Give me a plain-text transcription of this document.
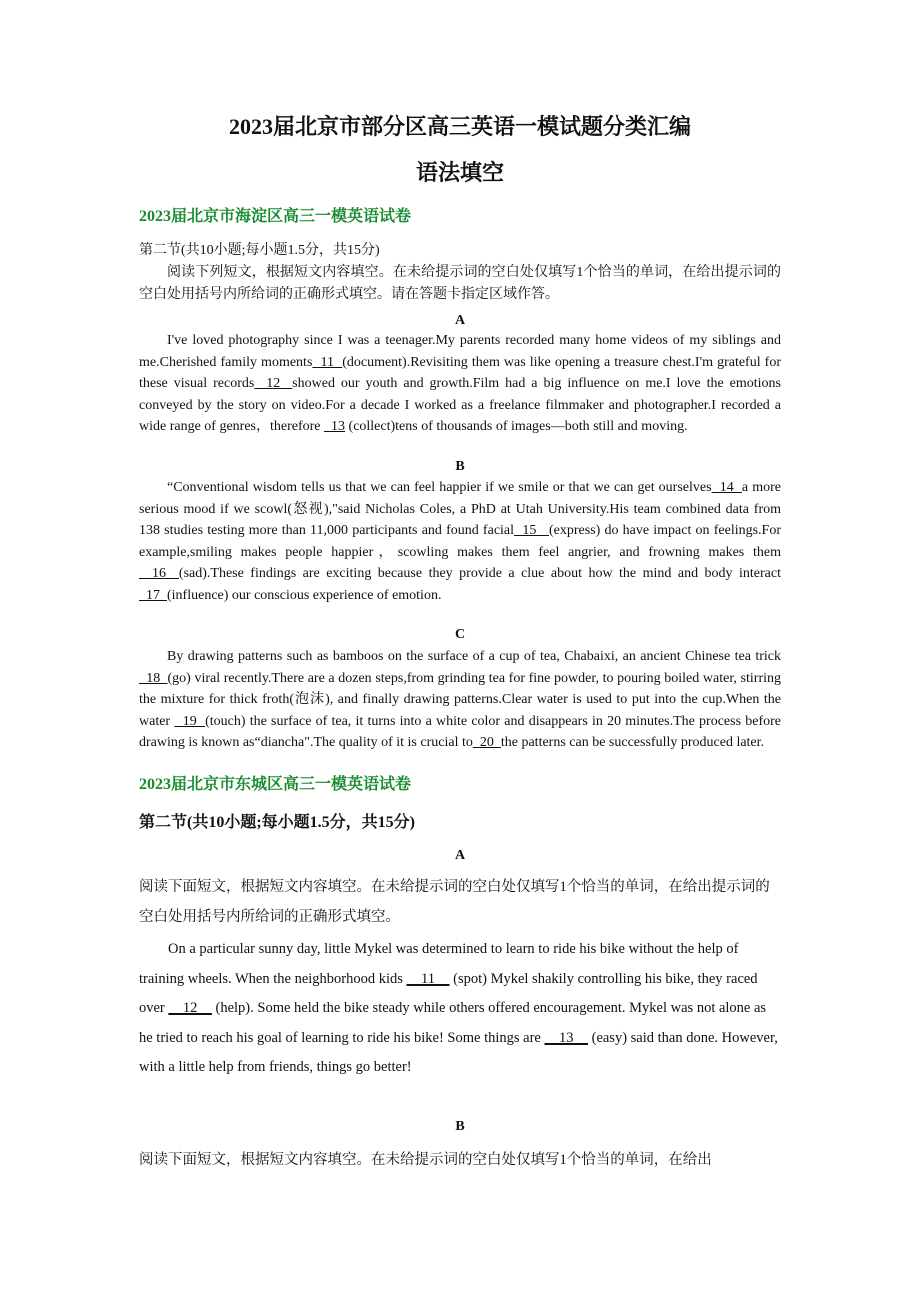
2023届北京市部分区高三英语一模试题分类汇编
语法填空
2023届北京市海淀区高三一模英语试卷
第二节(共10小题;每小题1.5分，共15分)
阅读下列短文，根据短文内容填空。在未给提示词的空白处仅填写1个恰当的单词，在给出提示词的空白处用括号内所给词的正确形式填空。请在答题卡指定区域作答。
A
I've loved photography since I was a teenager.My parents recorded many home videos of my siblings and me.Cherished family moments  11  (document).Revisiting them was like opening a treasure chest.I'm grateful for these visual records  12  showed our youth and growth.Film had a big influence on me.I love the emotions conveyed by the story on video.For a decade I worked as a freelance filmmaker and photographer.I recorded a wide range of genres，therefore   13 (collect)tens of thousands of images—both still and moving.
B
“Conventional wisdom tells us that we can feel happier if we smile or that we can get ourselves  14  a more serious mood if we scowl(怒视),"said Nicholas Coles, a PhD at Utah University.His team combined data from 138 studies testing more than 11,000 participants and found facial  15   (express) do have impact on feelings.For example,smiling makes people happier，scowling makes them feel angrier, and frowning makes them   16  (sad).These findings are exciting because they provide a clue about how the mind and body interact  17  (influence) our conscious experience of emotion.
C
By drawing patterns such as bamboos on the surface of a cup of tea, Chabaixi, an ancient Chinese tea trick   18  (go) viral recently.There are a dozen steps,from grinding tea for fine powder, to pouring boiled water, stirring the mixture for thick froth(泡沫), and finally drawing patterns.Clear water is used to put into the cup.When the water   19  (touch) the surface of tea, it turns into a white color and disappears in 20 minutes.The process before drawing is known as“diancha".The quality of it is crucial to  20  the patterns can be successfully produced later.
2023届北京市东城区高三一模英语试卷
第二节(共10小题;每小题1.5分，共15分)
A
阅读下面短文，根据短文内容填空。在未给提示词的空白处仅填写1个恰当的单词，在给出提示词的空白处用括号内所给词的正确形式填空。
On a particular sunny day, little Mykel was determined to learn to ride his bike without the help of training wheels. When the neighborhood kids     11     (spot) Mykel shakily controlling his bike, they raced over     12     (help). Some held the bike steady while others offered encouragement. Mykel was not alone as he tried to reach his goal of learning to ride his bike! Some things are     13     (easy) said than done. However, with a little help from friends, things go better!
B
阅读下面短文，根据短文内容填空。在未给提示词的空白处仅填写1个恰当的单词，在给出
